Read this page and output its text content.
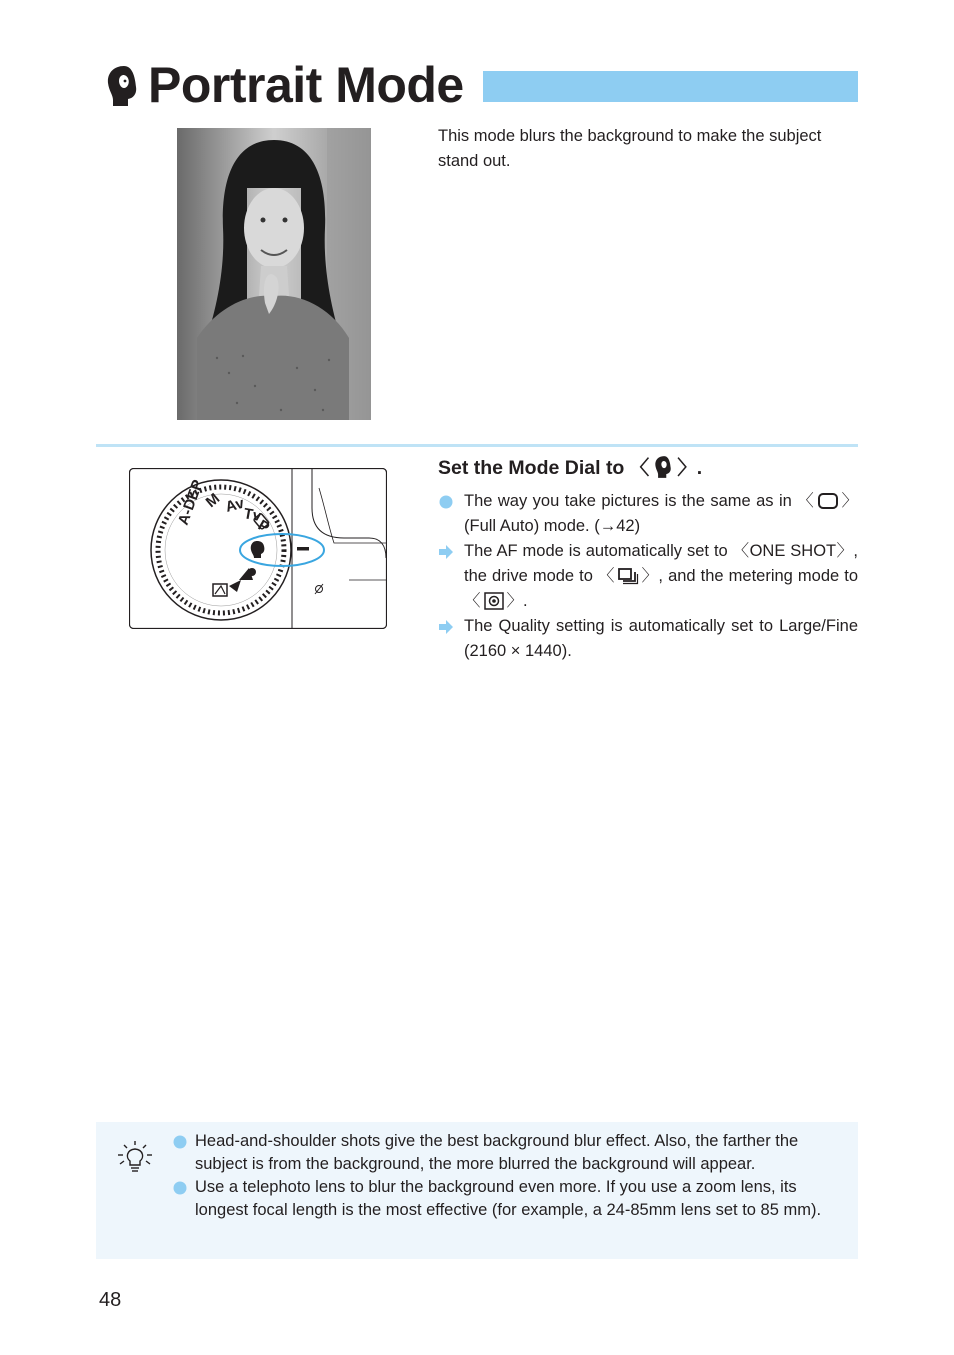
Portrait Mode

This mode blurs the background to make the subject stand out.

A-DEP
M Av
Tv
P

Set the Mode Dial to 〈 〉.

The way you take pictures is the same as in 〈 〉 (Full Auto) mode. (→42)
The AF mode is automatically set to 〈ONE SHOT〉, the drive mode to 〈 〉, and the metering mode to 〈 〉.
The Quality setting is automatically set to Large/Fine (2160 × 1440).
Head-and-shoulder shots give the best background blur effect. Also, the farther the subject is from the background, the more blurred the background will appear.
Use a telephoto lens to blur the background even more. If you use a zoom lens, its longest focal length is the most effective (for example, a 24-85mm lens set to 85 mm).

48
